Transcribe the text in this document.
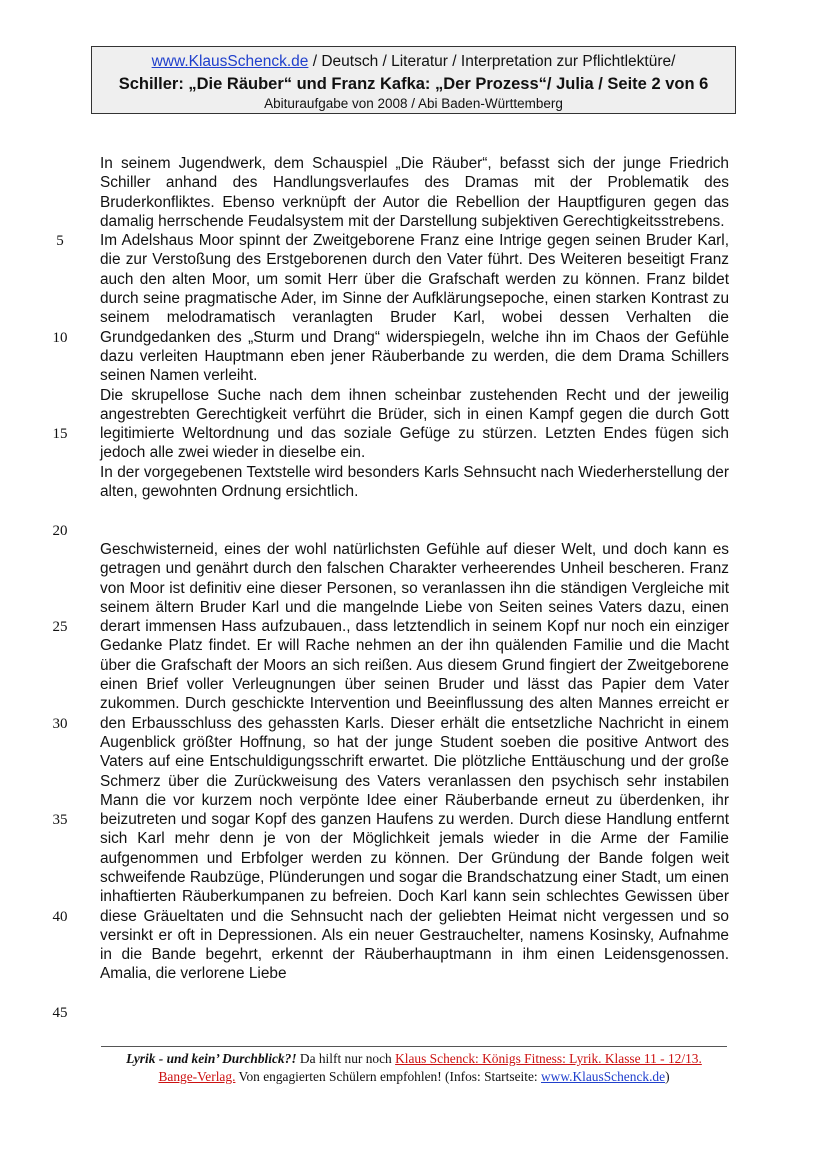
www.KlausSchenck.de / Deutsch / Literatur / Interpretation zur Pflichtlektüre/
Schiller: „Die Räuber“ und Franz Kafka: „Der Prozess“/ Julia / Seite 2 von 6
Abituraufgabe von 2008 / Abi Baden-Württemberg

In seinem Jugendwerk, dem Schauspiel „Die Räuber“, befasst sich der junge Friedrich Schiller anhand des Handlungsverlaufes des Dramas mit der Problematik des Bruderkonfliktes. Ebenso verknüpft der Autor die Rebellion der Hauptfiguren gegen das damalig herrschende Feudalsystem mit der Darstellung subjektiven Gerechtigkeitsstrebens.

Im Adelshaus Moor spinnt der Zweitgeborene Franz eine Intrige gegen seinen Bruder Karl, die zur Verstoßung des Erstgeborenen durch den Vater führt. Des Weiteren beseitigt Franz auch den alten Moor, um somit Herr über die Grafschaft werden zu können. Franz bildet durch seine pragmatische Ader, im Sinne der Aufklärungsepoche, einen starken Kontrast zu seinem melodramatisch veranlagten Bruder Karl, wobei dessen Verhalten die Grundgedanken des „Sturm und Drang“ widerspiegeln, welche ihn im Chaos der Gefühle dazu verleiten Hauptmann eben jener Räuberbande zu werden, die dem Drama Schillers seinen Namen verleiht.

Die skrupellose Suche nach dem ihnen scheinbar zustehenden Recht und der jeweilig angestrebten Gerechtigkeit verführt die Brüder, sich in einen Kampf gegen die durch Gott legitimierte Weltordnung und das soziale Gefüge zu stürzen. Letzten Endes fügen sich jedoch alle zwei wieder in dieselbe ein.

In der vorgegebenen Textstelle wird besonders Karls Sehnsucht nach Wiederherstellung der alten, gewohnten Ordnung ersichtlich.

Geschwisterneid, eines der wohl natürlichsten Gefühle auf dieser Welt, und doch kann es getragen und genährt durch den falschen Charakter verheerendes Unheil bescheren. Franz von Moor ist definitiv eine dieser Personen, so veranlassen ihn die ständigen Vergleiche mit seinem ältern Bruder Karl und die mangelnde Liebe von Seiten seines Vaters dazu, einen derart immensen Hass aufzubauen., dass letztendlich in seinem Kopf nur noch ein einziger Gedanke Platz findet. Er will Rache nehmen an der ihn quälenden Familie und die Macht über die Grafschaft der Moors an sich reißen. Aus diesem Grund fingiert der Zweitgeborene einen Brief voller Verleugnungen über seinen Bruder und lässt das Papier dem Vater zukommen. Durch geschickte Intervention und Beeinflussung des alten Mannes erreicht er den Erbausschluss des gehassten Karls. Dieser erhält die entsetzliche Nachricht in einem Augenblick größter Hoffnung, so hat der junge Student soeben die positive Antwort des Vaters auf eine Entschuldigungsschrift erwartet. Die plötzliche Enttäuschung und der große Schmerz über die Zurückweisung des Vaters veranlassen den psychisch sehr instabilen Mann die vor kurzem noch verpönte Idee einer Räuberbande erneut zu überdenken, ihr beizutreten und sogar Kopf des ganzen Haufens zu werden. Durch diese Handlung entfernt sich Karl mehr denn je von der Möglichkeit jemals wieder in die Arme der Familie aufgenommen und Erbfolger werden zu können. Der Gründung der Bande folgen weit schweifende Raubzüge, Plünderungen und sogar die Brandschatzung einer Stadt, um einen inhaftierten Räuberkumpanen zu befreien. Doch Karl kann sein schlechtes Gewissen über diese Gräueltaten und die Sehnsucht nach der geliebten Heimat nicht vergessen und so versinkt er oft in Depressionen. Als ein neuer Gestrauchelter, namens Kosinsky, Aufnahme in die Bande begehrt, erkennt der Räuberhauptmann in ihm einen Leidensgenossen. Amalia, die verlorene Liebe

5
10
15
20
25
30
35
40
45
Lyrik - und kein’ Durchblick?! Da hilft nur noch Klaus Schenck: Königs Fitness: Lyrik. Klasse 11 - 12/13.
Bange-Verlag. Von engagierten Schülern empfohlen! (Infos: Startseite: www.KlausSchenck.de)
